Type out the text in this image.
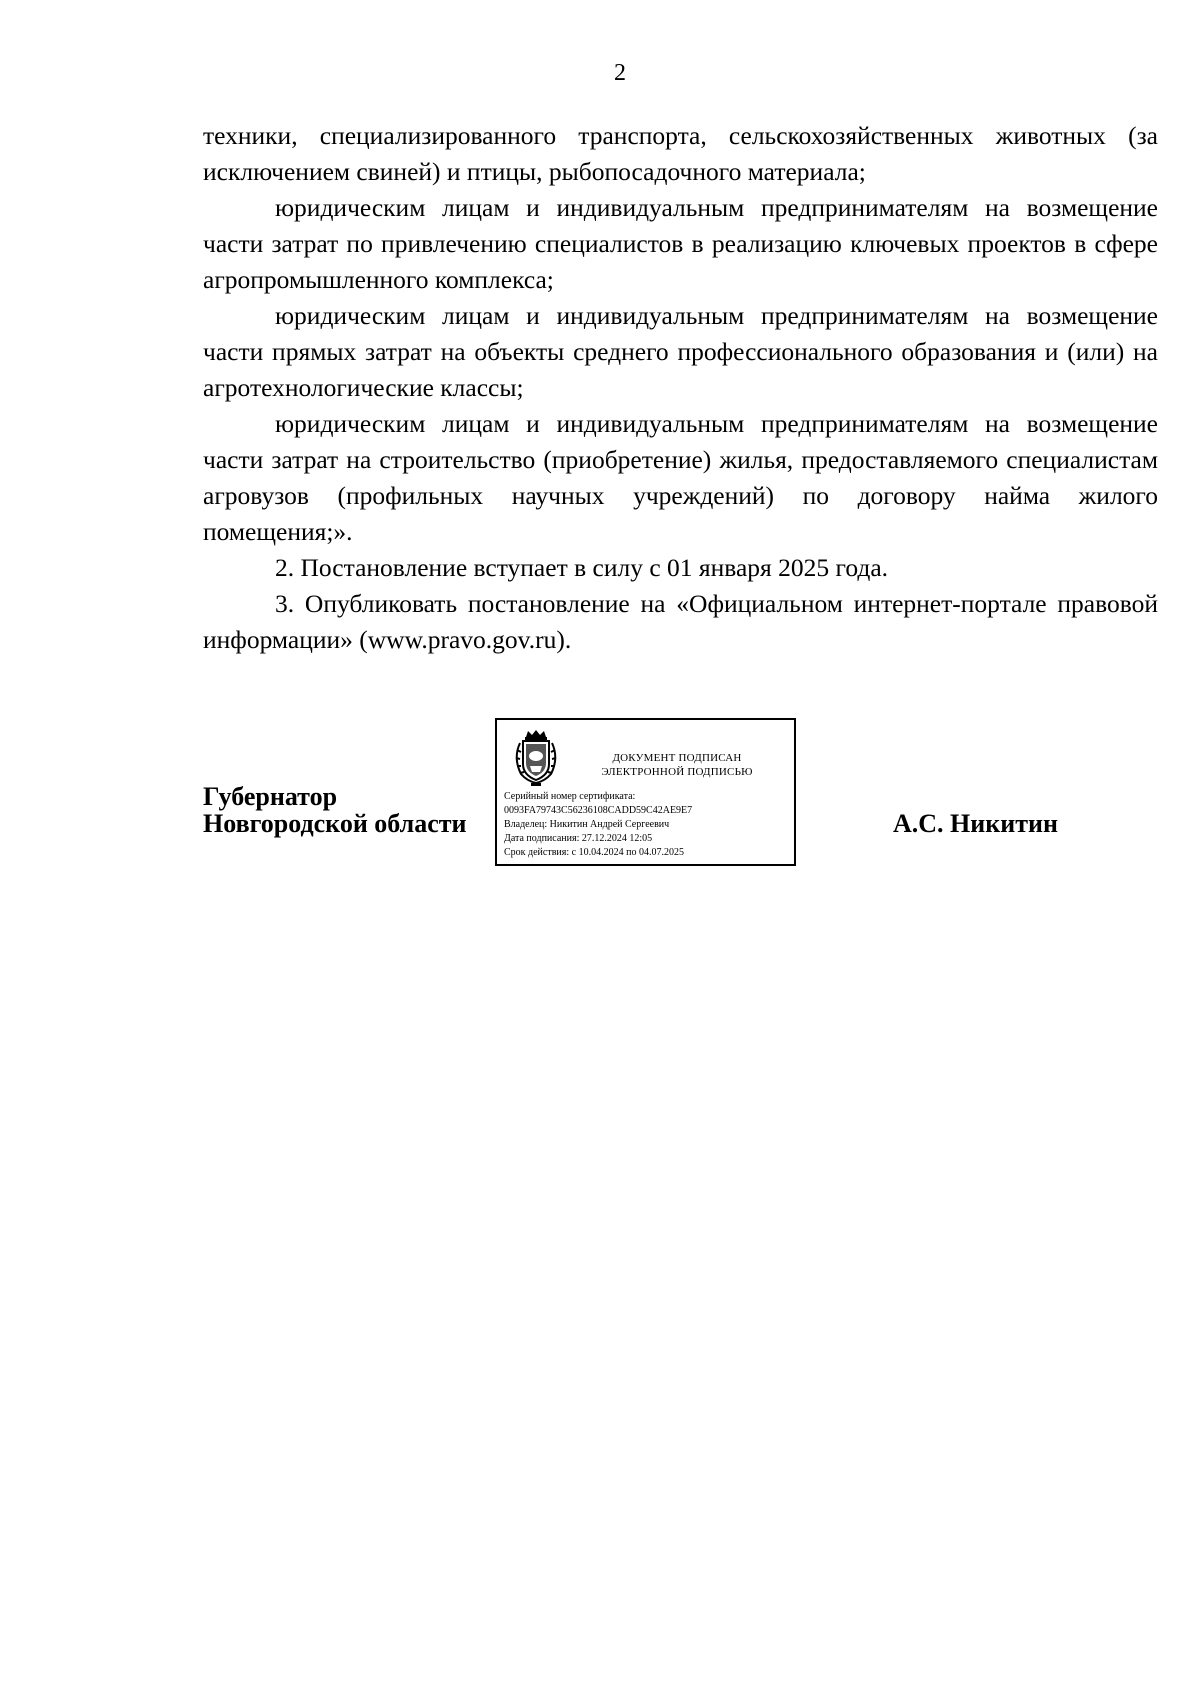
2

техники, специализированного транспорта, сельскохозяйственных животных (за исключением свиней) и птицы, рыбопосадочного материала;

юридическим лицам и индивидуальным предпринимателям на возмещение части затрат по привлечению специалистов в реализацию ключевых проектов в сфере агропромышленного комплекса;

юридическим лицам и индивидуальным предпринимателям на возмещение части прямых затрат на объекты среднего профессионального образования и (или) на агротехнологические классы;

юридическим лицам и индивидуальным предпринимателям на возмещение части затрат на строительство (приобретение) жилья, предоставляемого специалистам агровузов (профильных научных учреждений) по договору найма жилого помещения;».

2. Постановление вступает в силу с 01 января 2025 года.

3. Опубликовать постановление на «Официальном интернет-портале правовой информации» (www.pravo.gov.ru).

Губернатор
Новгородской области
ДОКУМЕНТ ПОДПИСАН
ЭЛЕКТРОННОЙ ПОДПИСЬЮ
Серийный номер сертификата:
0093FA79743C56236108CADD59C42AE9E7
Владелец: Никитин Андрей Сергеевич
Дата подписания: 27.12.2024 12:05
Срок действия: с 10.04.2024 по 04.07.2025
А.С. Никитин
